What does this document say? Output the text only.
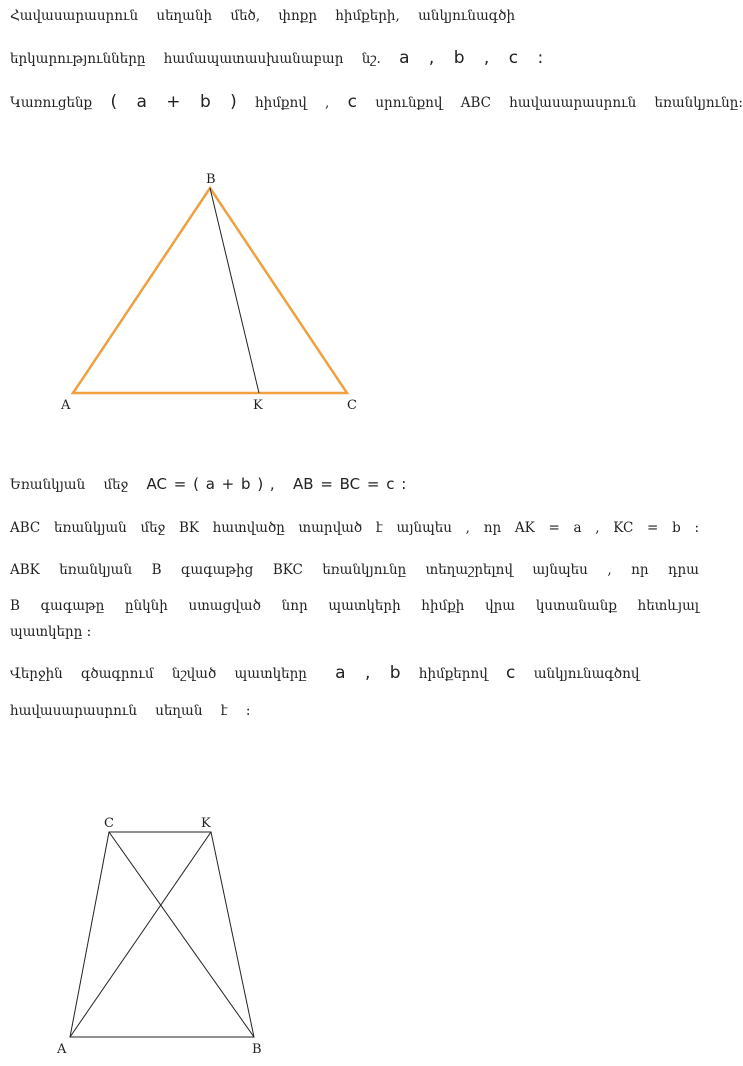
Հավասարասրուն սեղանի մեծ, փոքր հիմքերի, անկյունագծի
երկարությունները համապատասխանաբար նշ. a , b , c :
Կառուցենք ( a + b ) հիմքով , c սրունքով ABC հավասարասրուն եռանկյունը:
B
A	K	C
C	K
A	B
Եռանկյան մեջ AC = ( a + b ) , AB = BC = c :
ABC եռանկյան մեջ BK հատվածը տարված է այնպես , որ AK = a , KC = b :
ABK եռանկյան B գագաթից BKC եռանկյունը տեղաշրելով այնպես , որ դրա
B գագաթը ընկնի ստացված նոր պատկերի հիմքի վրա կստանանք հետևյալ
պատկերը :
Վերջին գծագրում նշված պատկերը a , b հիմքերով c անկյունագծով
հավասարասրուն սեղան է :
